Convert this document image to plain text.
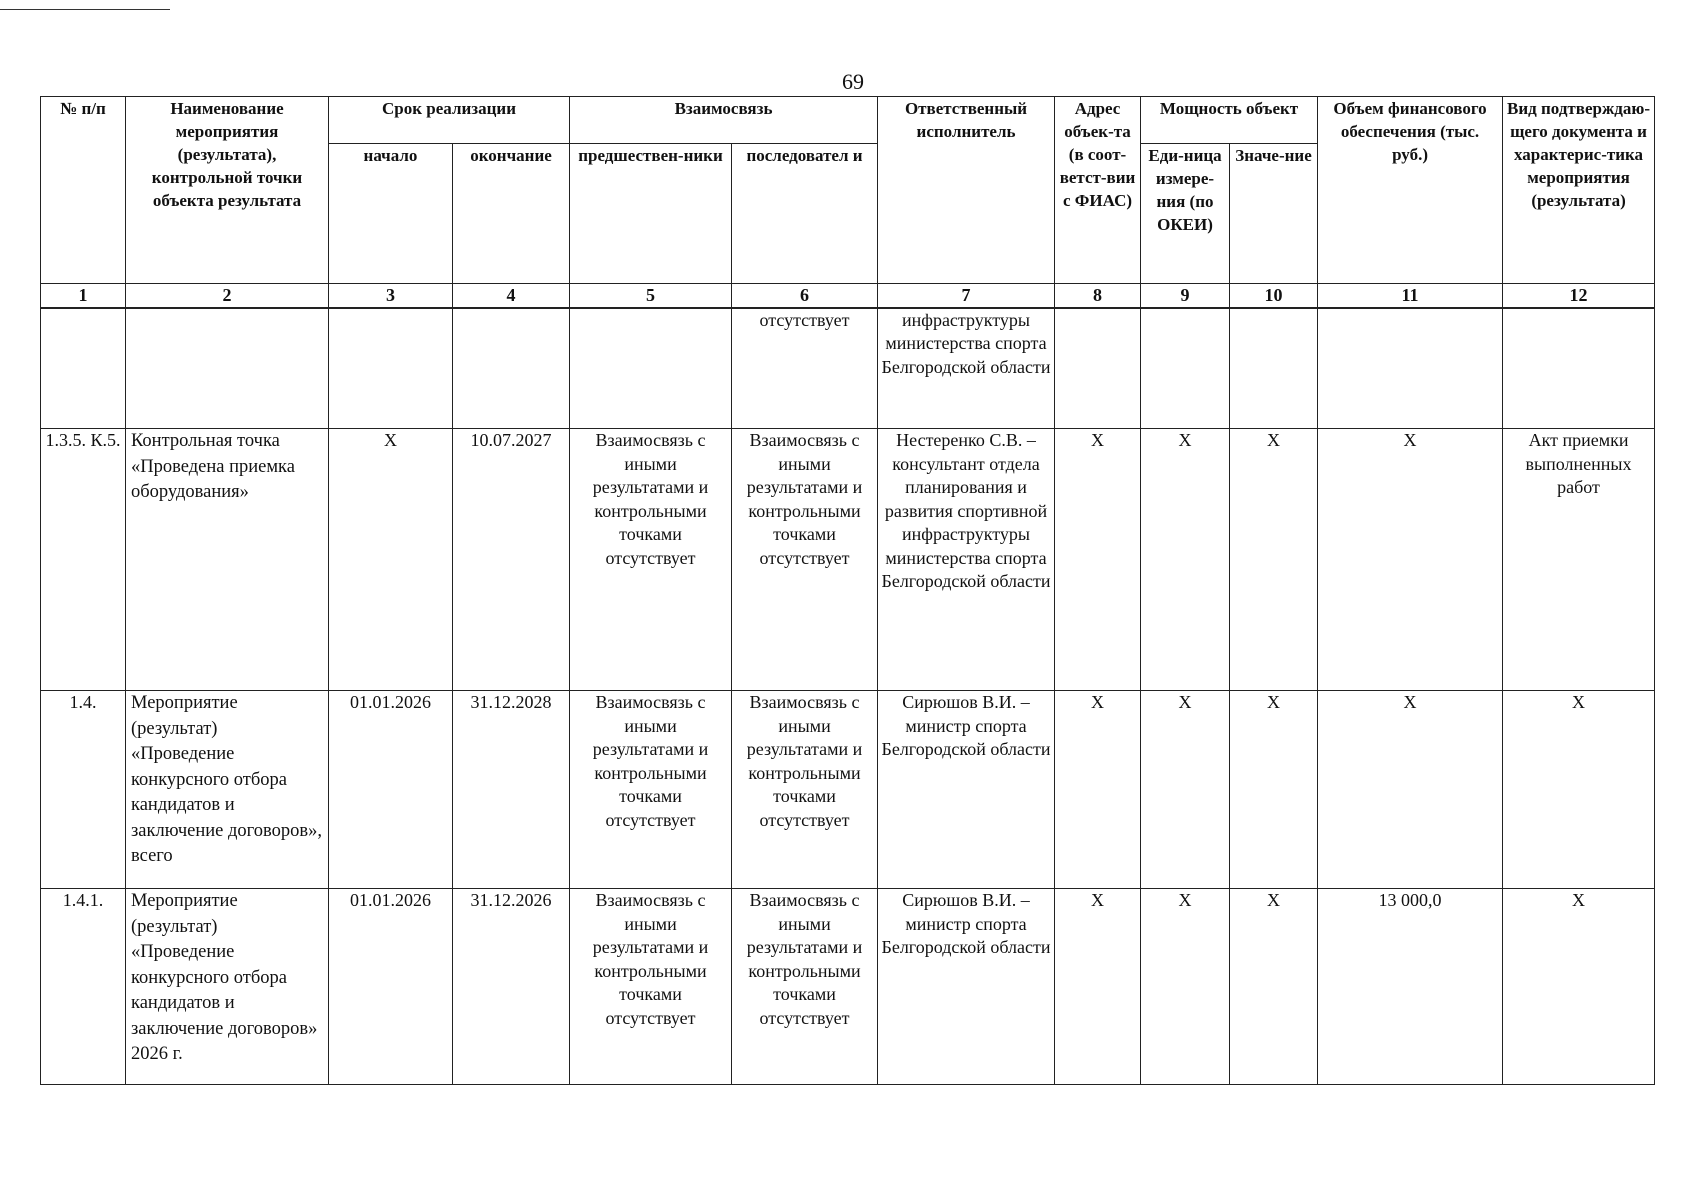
69
№ п/п	Наименование мероприятия (результата), контрольной точки объекта результата	Срок реализации		Взаимосвязь		Ответственный исполнитель	Адрес объек-та (в соот-ветст-вии с ФИАС)	Мощность объект		Объем финансового обеспечения (тыс. руб.)	Вид подтверждаю-щего документа и характерис-тика мероприятия (результата)
		начало	окончание	предшествен-ники	последовател и			Еди-ница измере-ния (по ОКЕИ)	Значе-ние		
1	2	3	4	5	6	7	8	9	10	11	12
					отсутствует	инфраструктуры министерства спорта Белгородской области					
1.3.5. К.5.	Контрольная точка «Проведена приемка оборудования»	X	10.07.2027	Взаимосвязь с иными результатами и контрольными точками отсутствует	Взаимосвязь с иными результатами и контрольными точками отсутствует	Нестеренко С.В. – консультант отдела планирования и развития спортивной инфраструктуры министерства спорта Белгородской области	X	X	X	X	Акт приемки выполненных работ
1.4.	Мероприятие (результат) «Проведение конкурсного отбора кандидатов и заключение договоров», всего	01.01.2026	31.12.2028	Взаимосвязь с иными результатами и контрольными точками отсутствует	Взаимосвязь с иными результатами и контрольными точками отсутствует	Сирюшов В.И. – министр спорта Белгородской области	X	X	X	X	X
1.4.1.	Мероприятие (результат) «Проведение конкурсного отбора кандидатов и заключение договоров» 2026 г.	01.01.2026	31.12.2026	Взаимосвязь с иными результатами и контрольными точками отсутствует	Взаимосвязь с иными результатами и контрольными точками отсутствует	Сирюшов В.И. – министр спорта Белгородской области	X	X	X	13 000,0	X
